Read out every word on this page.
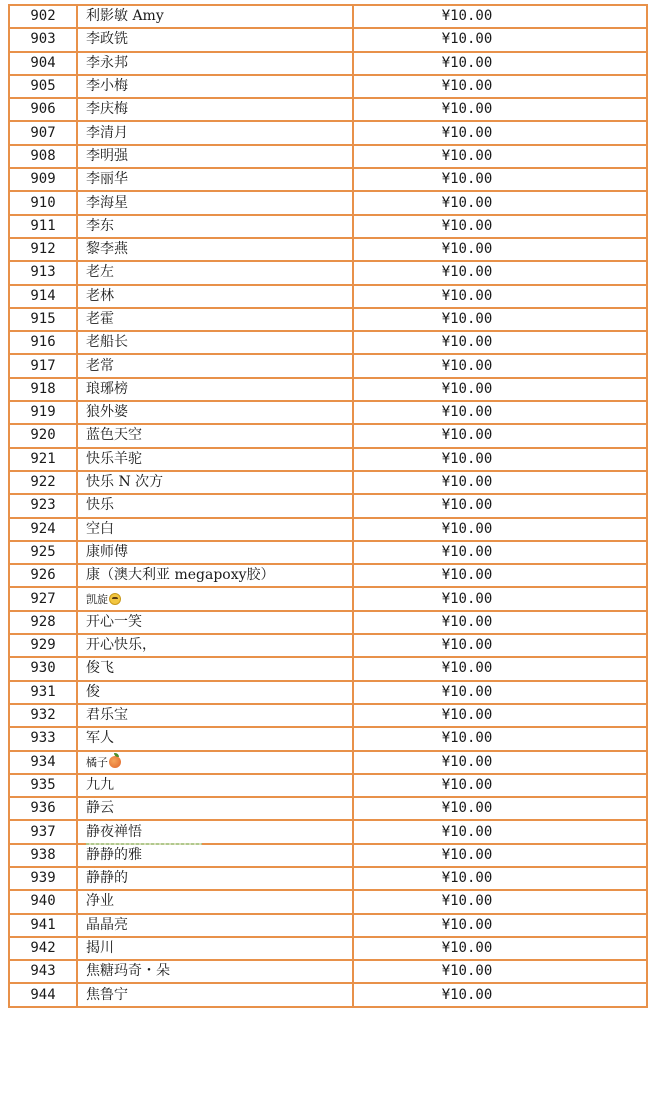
902	利影敏 Amy	¥10.00
903	李政铣	¥10.00
904	李永邦	¥10.00
905	李小梅	¥10.00
906	李庆梅	¥10.00
907	李清月	¥10.00
908	李明强	¥10.00
909	李丽华	¥10.00
910	李海星	¥10.00
911	李东	¥10.00
912	黎李燕	¥10.00
913	老左	¥10.00
914	老林	¥10.00
915	老霍	¥10.00
916	老船长	¥10.00
917	老常	¥10.00
918	琅琊榜	¥10.00
919	狼外婆	¥10.00
920	蓝色天空	¥10.00
921	快乐羊驼	¥10.00
922	快乐 N 次方	¥10.00
923	快乐	¥10.00
924	空白	¥10.00
925	康师傅	¥10.00
926	康（澳大利亚 megapoxy胶）	¥10.00
927	凯旋	¥10.00
928	开心一笑	¥10.00
929	开心快乐，	¥10.00
930	俊飞	¥10.00
931	俊	¥10.00
932	君乐宝	¥10.00
933	军人	¥10.00
934	橘子	¥10.00
935	九九	¥10.00
936	静云	¥10.00
937	静夜禅悟	¥10.00
938	静静的雅	¥10.00
939	静静的	¥10.00
940	净业	¥10.00
941	晶晶亮	¥10.00
942	揭川	¥10.00
943	焦糖玛奇・朵	¥10.00
944	焦鲁宁	¥10.00
